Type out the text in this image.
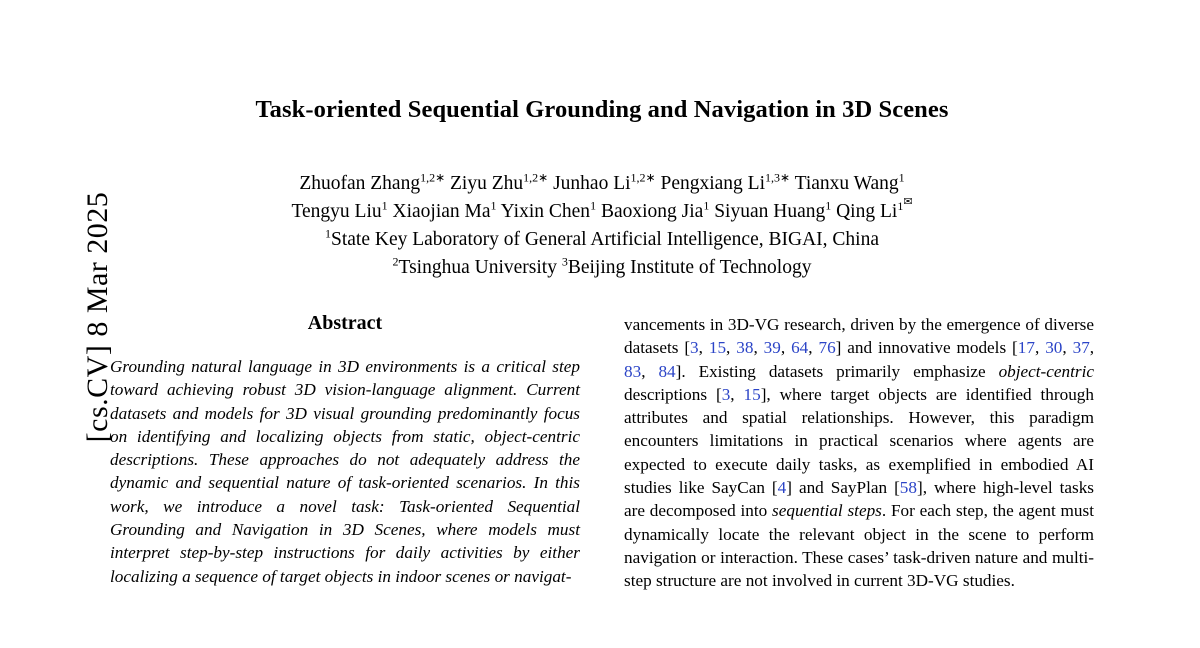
[cs.CV] 8 Mar 2025
Task-oriented Sequential Grounding and Navigation in 3D Scenes
Zhuofan Zhang$^{1,2∗}$ Ziyu Zhu$^{1,2∗}$ Junhao $Li^{1,2∗}$ Pengxiang $Li^{1,3∗}$ Tianxu Wang$^1$
Tengyu Liu$^1$ Xiaojian Ma$^1$ Yixin Chen$^1$ Baoxiong Jia$^1$ Siyuan Huang$^1$ Qing $Li^{1✉}$
$^1$State Key Laboratory of General Artificial Intelligence, BIGAI, China
$^2$Tsinghua University $^3$Beijing Institute of Technology
Abstract
Grounding natural language in 3D environments is a critical step toward achieving robust 3D vision-language alignment. Current datasets and models for 3D visual grounding predominantly focus on identifying and localizing objects from static, object-centric descriptions. These approaches do not adequately address the dynamic and sequential nature of task-oriented scenarios. In this work, we introduce a novel task: Task-oriented Sequential Grounding and Navigation in 3D Scenes, where models must interpret step-by-step instructions for daily activities by either localizing a sequence of target objects in indoor scenes or navigat-
vancements in 3D-VG research, driven by the emergence of diverse datasets [3, 15, 38, 39, 64, 76] and innovative models [17, 30, 37, 83, 84]. Existing datasets primarily emphasize object-centric descriptions [3, 15], where target objects are identified through attributes and spatial relationships. However, this paradigm encounters limitations in practical scenarios where agents are expected to execute daily tasks, as exemplified in embodied AI studies like SayCan [4] and SayPlan [58], where high-level tasks are decomposed into sequential steps. For each step, the agent must dynamically locate the relevant object in the scene to perform navigation or interaction. These cases’ task-driven nature and multi-step structure are not involved in current 3D-VG studies.
